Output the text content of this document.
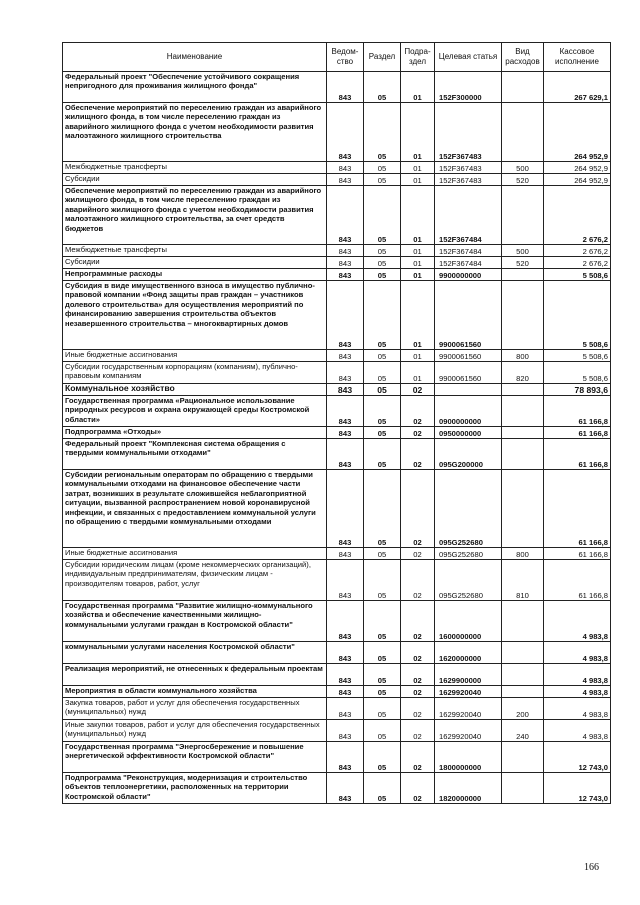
Наименование	Ведом- ство	Раздел	Подра- здел	Целевая статья	Вид расходов	Кассовое исполнение
Федеральный проект "Обеспечение устойчивого сокращения непригодного для проживания жилищного фонда"	843	05	01	152F300000		267 629,1
Обеспечение мероприятий по переселению граждан из аварийного жилищного фонда, в том числе переселению граждан из аварийного жилищного фонда с учетом необходимости развития малоэтажного жилищного строительства	843	05	01	152F367483		264 952,9
Межбюджетные трансферты	843	05	01	152F367483	500	264 952,9
Субсидии	843	05	01	152F367483	520	264 952,9
Обеспечение мероприятий по переселению граждан из аварийного жилищного фонда, в том числе переселению граждан из аварийного жилищного фонда с учетом необходимости развития малоэтажного жилищного строительства, за счет средств бюджетов	843	05	01	152F367484		2 676,2
Межбюджетные трансферты	843	05	01	152F367484	500	2 676,2
Субсидии	843	05	01	152F367484	520	2 676,2
Непрограммные расходы	843	05	01	9900000000		5 508,6
Субсидия в виде имущественного взноса в имущество публично-правовой компании «Фонд защиты прав граждан – участников долевого строительства» для осуществления мероприятий по финансированию завершения строительства объектов незавершенного строительства – многоквартирных домов	843	05	01	9900061560		5 508,6
Иные бюджетные ассигнования	843	05	01	9900061560	800	5 508,6
Субсидии государственным корпорациям (компаниям), публично-правовым компаниям	843	05	01	9900061560	820	5 508,6
Коммунальное хозяйство	843	05	02			78 893,6
Государственная программа «Рациональное использование природных ресурсов и охрана окружающей среды Костромской области»	843	05	02	0900000000		61 166,8
Подпрограмма «Отходы»	843	05	02	0950000000		61 166,8
Федеральный проект "Комплексная система обращения с твердыми коммунальными отходами"	843	05	02	095G200000		61 166,8
Субсидии региональным операторам по обращению с твердыми коммунальными отходами на финансовое обеспечение части затрат, возникших в результате сложившейся неблагоприятной ситуации, вызванной распространением новой коронавирусной инфекции, и связанных с предоставлением коммунальной услуги по обращению с твердыми коммунальными отходами	843	05	02	095G252680		61 166,8
Иные бюджетные ассигнования	843	05	02	095G252680	800	61 166,8
Субсидии юридическим лицам (кроме некоммерческих организаций), индивидуальным предпринимателям, физическим лицам - производителям товаров, работ, услуг	843	05	02	095G252680	810	61 166,8
Государственная программа "Развитие жилищно-коммунального хозяйства и обеспечение качественными жилищно-коммунальными услугами граждан в Костромской области"	843	05	02	1600000000		4 983,8
коммунальными услугами населения Костромской области"	843	05	02	1620000000		4 983,8
Реализация мероприятий, не отнесенных к федеральным проектам	843	05	02	1629900000		4 983,8
Мероприятия в области коммунального хозяйства	843	05	02	1629920040		4 983,8
Закупка товаров, работ и услуг для обеспечения государственных (муниципальных) нужд	843	05	02	1629920040	200	4 983,8
Иные закупки товаров, работ и услуг для обеспечения государственных (муниципальных) нужд	843	05	02	1629920040	240	4 983,8
Государственная программа "Энергосбережение и повышение энергетической эффективности Костромской области"	843	05	02	1800000000		12 743,0
Подпрограмма "Реконструкция, модернизация и строительство объектов теплоэнергетики, расположенных на территории Костромской области"	843	05	02	1820000000		12 743,0
166
